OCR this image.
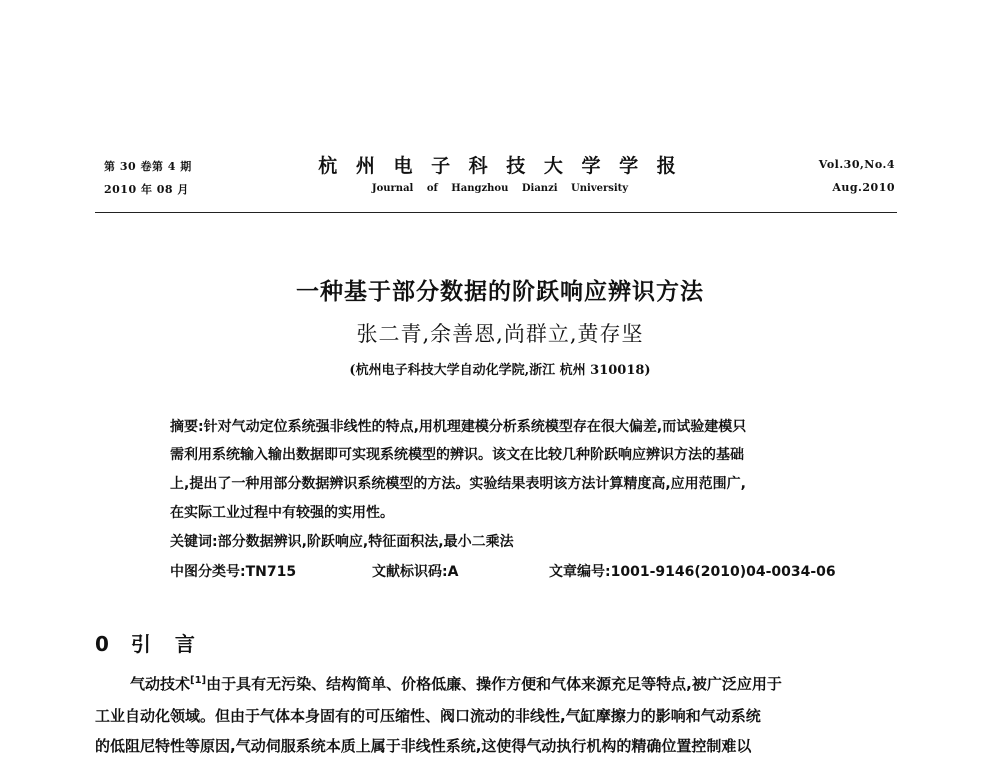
第 30 卷第 4 期
2010 年 08 月
杭 州 电 子 科 技 大 学 学 报
Journal of Hangzhou Dianzi University
Vol.30,No.4
Aug.2010
一种基于部分数据的阶跃响应辨识方法
张二青,余善恩,尚群立,黄存坚
(杭州电子科技大学自动化学院,浙江 杭州 310018)
摘要:针对气动定位系统强非线性的特点,用机理建模分析系统模型存在很大偏差,而试验建模只
需利用系统输入输出数据即可实现系统模型的辨识。该文在比较几种阶跃响应辨识方法的基础
上,提出了一种用部分数据辨识系统模型的方法。实验结果表明该方法计算精度高,应用范围广,
在实际工业过程中有较强的实用性。
关键词:部分数据辨识,阶跃响应,特征面积法,最小二乘法
中图分类号:TN715	文献标识码:A	文章编号:1001-9146(2010)04-0034-06
0 引言
气动技术[1]由于具有无污染、结构简单、价格低廉、操作方便和气体来源充足等特点,被广泛应用于
工业自动化领域。但由于气体本身固有的可压缩性、阀口流动的非线性,气缸摩擦力的影响和气动系统
的低阻尼特性等原因,气动伺服系统本质上属于非线性系统,这使得气动执行机构的精确位置控制难以
